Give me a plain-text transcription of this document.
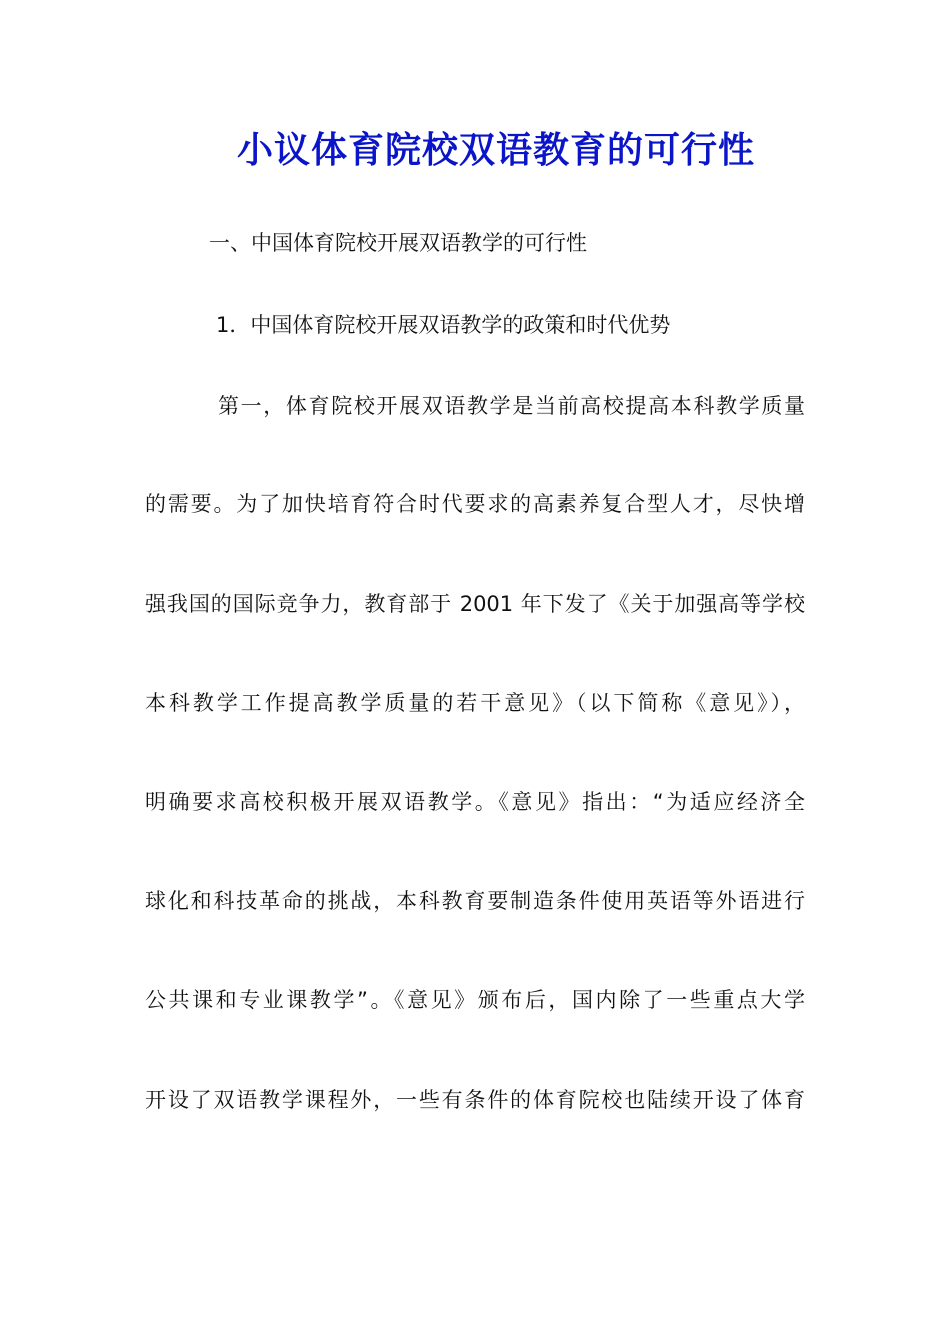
小议体育院校双语教育的可行性
一、中国体育院校开展双语教学的可行性
1．中国体育院校开展双语教学的政策和时代优势
第一，体育院校开展双语教学是当前高校提高本科教学质量
的需要。为了加快培育符合时代要求的高素养复合型人才，尽快增
强我国的国际竞争力，教育部于 2001 年下发了《关于加强高等学校
本科教学工作提高教学质量的若干意见》（以下简称《意见》），
明确要求高校积极开展双语教学。《意见》指出：“为适应经济全
球化和科技革命的挑战，本科教育要制造条件使用英语等外语进行
公共课和专业课教学”。《意见》颁布后，国内除了一些重点大学
开设了双语教学课程外，一些有条件的体育院校也陆续开设了体育
